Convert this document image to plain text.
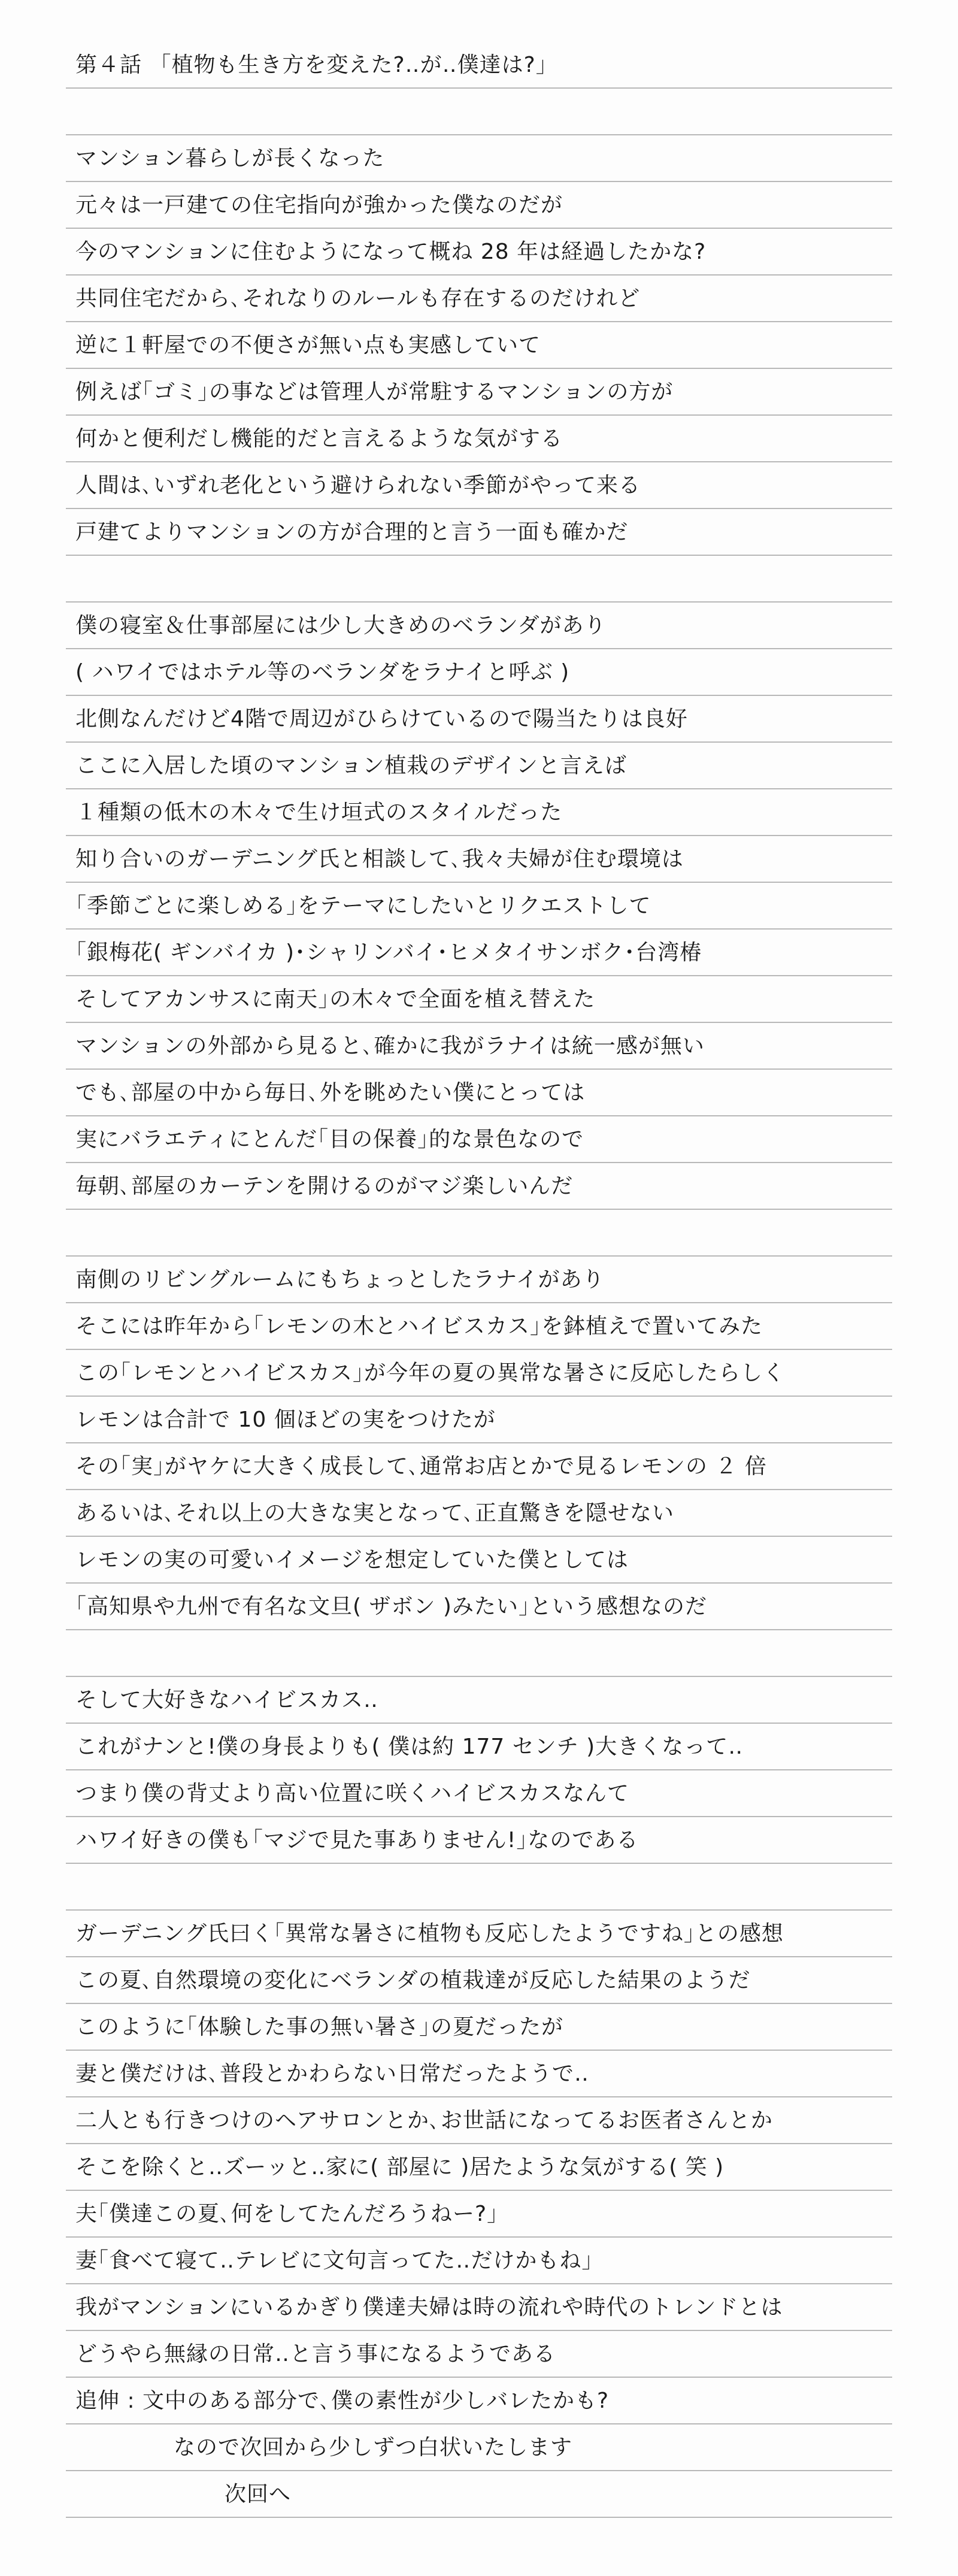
第４話 「植物も生き方を変えた?‥が‥僕達は?」
マンション暮らしが長くなった
元々は一戸建ての住宅指向が強かった僕なのだが
今のマンションに住むようになって概ね 28 年は経過したかな?
共同住宅だから､それなりのルールも存在するのだけれど
逆に１軒屋での不便さが無い点も実感していて
例えば｢ゴミ｣の事などは管理人が常駐するマンションの方が
何かと便利だし機能的だと言えるような気がする
人間は､いずれ老化という避けられない季節がやって来る
戸建てよりマンションの方が合理的と言う一面も確かだ
僕の寝室＆仕事部屋には少し大きめのベランダがあり
( ハワイではホテル等のベランダをラナイと呼ぶ )
北側なんだけど4階で周辺がひらけているので陽当たりは良好
ここに入居した頃のマンション植栽のデザインと言えば
１種類の低木の木々で生け垣式のスタイルだった
知り合いのガーデニング氏と相談して､我々夫婦が住む環境は
｢季節ごとに楽しめる｣をテーマにしたいとリクエストして
｢銀梅花( ギンバイカ )･シャリンバイ･ヒメタイサンボク･台湾椿
そしてアカンサスに南天｣の木々で全面を植え替えた
マンションの外部から見ると､確かに我がラナイは統一感が無い
でも､部屋の中から毎日､外を眺めたい僕にとっては
実にバラエティにとんだ｢目の保養｣的な景色なので
毎朝､部屋のカーテンを開けるのがマジ楽しいんだ
南側のリビングルームにもちょっとしたラナイがあり
そこには昨年から｢レモンの木とハイビスカス｣を鉢植えで置いてみた
この｢レモンとハイビスカス｣が今年の夏の異常な暑さに反応したらしく
レモンは合計で 10 個ほどの実をつけたが
その｢実｣がヤケに大きく成長して､通常お店とかで見るレモンの ２ 倍
あるいは､それ以上の大きな実となって､正直驚きを隠せない
レモンの実の可愛いイメージを想定していた僕としては
｢高知県や九州で有名な文旦( ザボン )みたい｣という感想なのだ
そして大好きなハイビスカス‥
これがナンと!僕の身長よりも( 僕は約 177 センチ )大きくなって‥
つまり僕の背丈より高い位置に咲くハイビスカスなんて
ハワイ好きの僕も｢マジで見た事ありません!｣なのである
ガーデニング氏曰く｢異常な暑さに植物も反応したようですね｣との感想
この夏､自然環境の変化にベランダの植栽達が反応した結果のようだ
このように｢体験した事の無い暑さ｣の夏だったが
妻と僕だけは､普段とかわらない日常だったようで‥
二人とも行きつけのヘアサロンとか､お世話になってるお医者さんとか
そこを除くと‥ズーッと‥家に( 部屋に )居たような気がする( 笑 )
夫｢僕達この夏､何をしてたんだろうねー?｣
妻｢食べて寝て‥テレビに文句言ってた‥だけかもね｣
我がマンションにいるかぎり僕達夫婦は時の流れや時代のトレンドとは
どうやら無縁の日常‥と言う事になるようである
追伸 : 文中のある部分で､僕の素性が少しバレたかも?
なので次回から少しずつ白状いたします
次回へ
